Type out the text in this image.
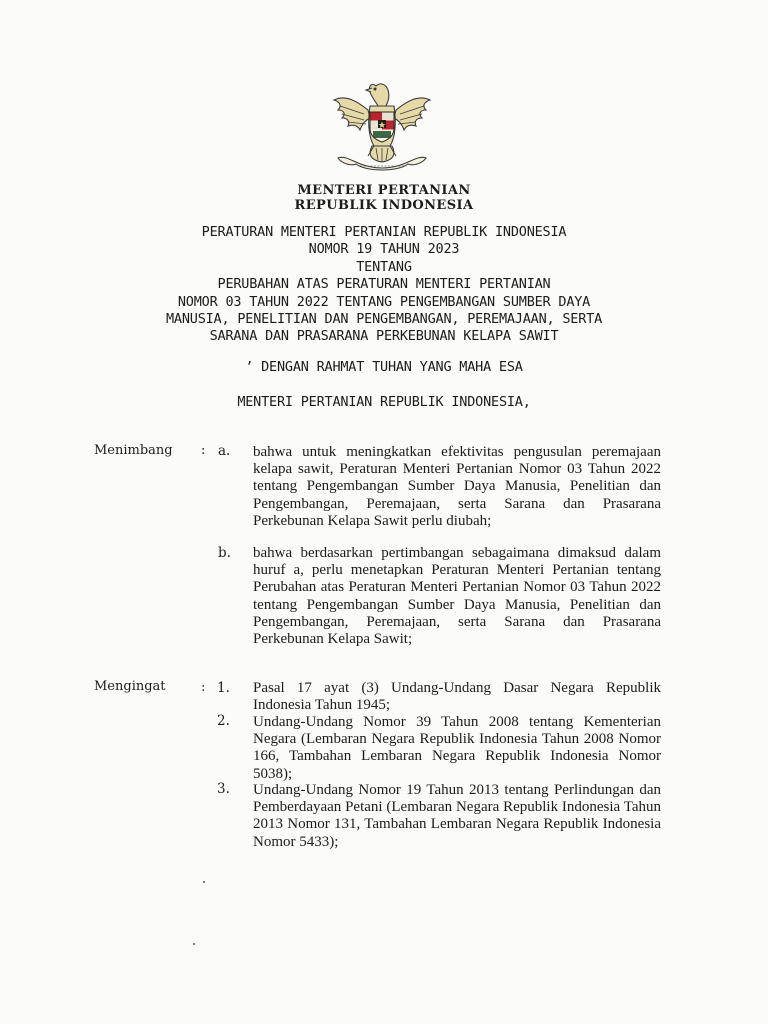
MENTERI PERTANIAN
REPUBLIK INDONESIA
PERATURAN MENTERI PERTANIAN REPUBLIK INDONESIA
NOMOR 19 TAHUN 2023
TENTANG
PERUBAHAN ATAS PERATURAN MENTERI PERTANIAN
NOMOR 03 TAHUN 2022 TENTANG PENGEMBANGAN SUMBER DAYA
MANUSIA, PENELITIAN DAN PENGEMBANGAN, PEREMAJAAN, SERTA
SARANA DAN PRASARANA PERKEBUNAN KELAPA SAWIT
’ DENGAN RAHMAT TUHAN YANG MAHA ESA
MENTERI PERTANIAN REPUBLIK INDONESIA,
Menimbang : a. bahwa untuk meningkatkan efektivitas pengusulan peremajaan kelapa sawit, Peraturan Menteri Pertanian Nomor 03 Tahun 2022 tentang Pengembangan Sumber Daya Manusia, Penelitian dan Pengembangan, Peremajaan, serta Sarana dan Prasarana Perkebunan Kelapa Sawit perlu diubah;
b. bahwa berdasarkan pertimbangan sebagaimana dimaksud dalam huruf a, perlu menetapkan Peraturan Menteri Pertanian tentang Perubahan atas Peraturan Menteri Pertanian Nomor 03 Tahun 2022 tentang Pengembangan Sumber Daya Manusia, Penelitian dan Pengembangan, Peremajaan, serta Sarana dan Prasarana Perkebunan Kelapa Sawit;
Mengingat	: 1. Pasal 17 ayat (3) Undang-Undang Dasar Negara Republik Indonesia Tahun 1945;
2. Undang-Undang Nomor 39 Tahun 2008 tentang Kementerian Negara (Lembaran Negara Republik Indonesia Tahun 2008 Nomor 166, Tambahan Lembaran Negara Republik Indonesia Nomor 5038);
3. Undang-Undang Nomor 19 Tahun 2013 tentang Perlindungan dan Pemberdayaan Petani (Lembaran Negara Republik Indonesia Tahun 2013 Nomor 131, Tambahan Lembaran Negara Republik Indonesia Nomor 5433);
